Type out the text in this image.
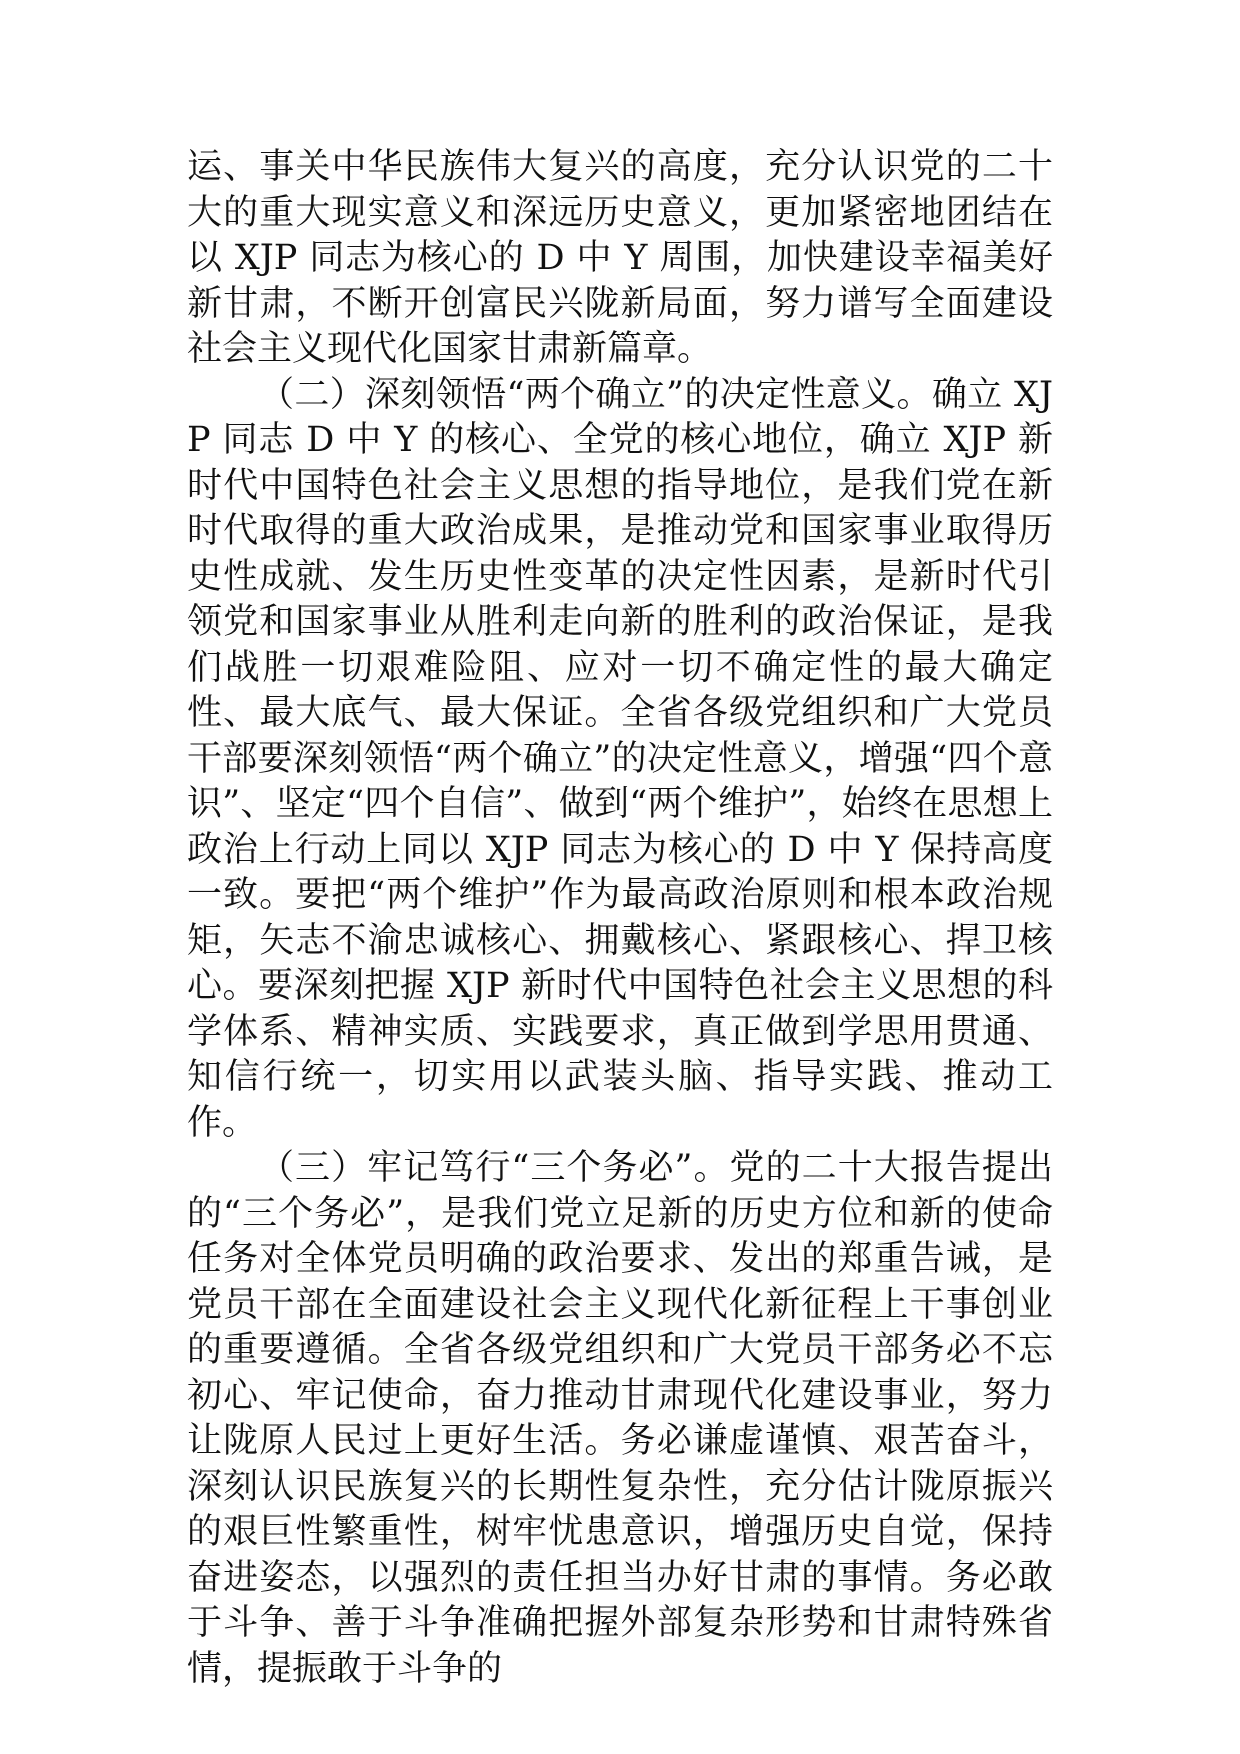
运、事关中华民族伟大复兴的高度，充分认识党的二十大的重大现实意义和深远历史意义，更加紧密地团结在以 XJP 同志为核心的 D 中 Y 周围，加快建设幸福美好新甘肃，不断开创富民兴陇新局面，努力谱写全面建设社会主义现代化国家甘肃新篇章。

（二）深刻领悟“两个确立”的决定性意义。确立 XJP 同志 D 中 Y 的核心、全党的核心地位，确立 XJP 新时代中国特色社会主义思想的指导地位，是我们党在新时代取得的重大政治成果，是推动党和国家事业取得历史性成就、发生历史性变革的决定性因素，是新时代引领党和国家事业从胜利走向新的胜利的政治保证，是我们战胜一切艰难险阻、应对一切不确定性的最大确定性、最大底气、最大保证。全省各级党组织和广大党员干部要深刻领悟“两个确立”的决定性意义，增强“四个意识”、坚定“四个自信”、做到“两个维护”，始终在思想上政治上行动上同以 XJP 同志为核心的 D 中 Y 保持高度一致。要把“两个维护”作为最高政治原则和根本政治规矩，矢志不渝忠诚核心、拥戴核心、紧跟核心、捍卫核心。要深刻把握 XJP 新时代中国特色社会主义思想的科学体系、精神实质、实践要求，真正做到学思用贯通、知信行统一，切实用以武装头脑、指导实践、推动工作。

（三）牢记笃行“三个务必”。党的二十大报告提出的“三个务必”，是我们党立足新的历史方位和新的使命任务对全体党员明确的政治要求、发出的郑重告诫，是党员干部在全面建设社会主义现代化新征程上干事创业的重要遵循。全省各级党组织和广大党员干部务必不忘初心、牢记使命，奋力推动甘肃现代化建设事业，努力让陇原人民过上更好生活。务必谦虚谨慎、艰苦奋斗，深刻认识民族复兴的长期性复杂性，充分估计陇原振兴的艰巨性繁重性，树牢忧患意识，增强历史自觉，保持奋进姿态，以强烈的责任担当办好甘肃的事情。务必敢于斗争、善于斗争准确把握外部复杂形势和甘肃特殊省情，提振敢于斗争的
